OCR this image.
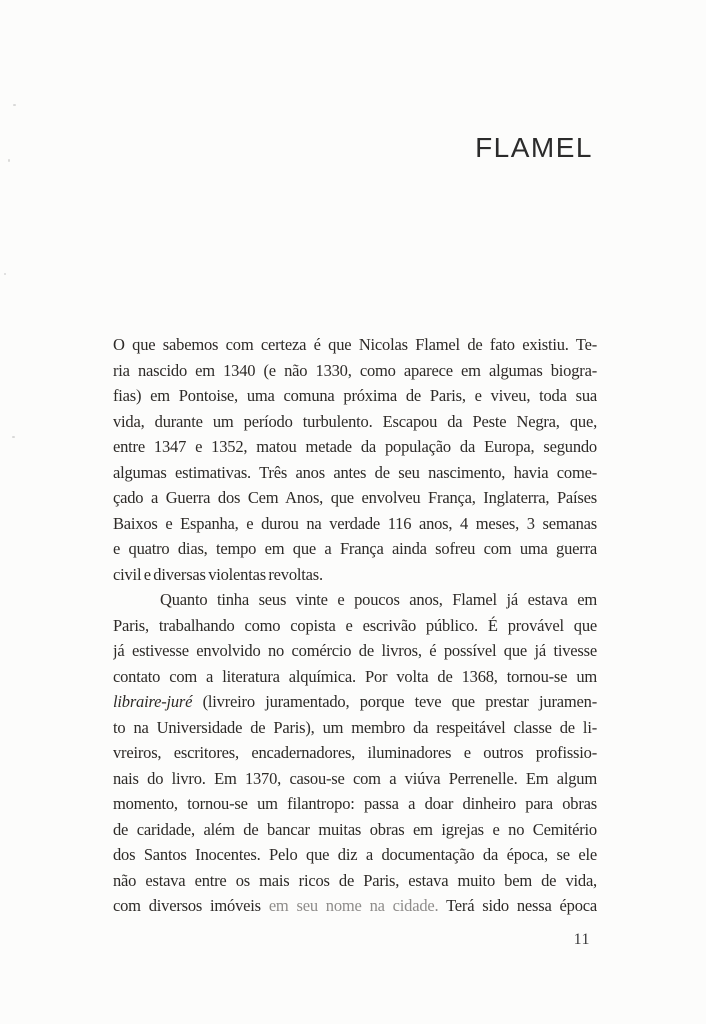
FLAMEL
O que sabemos com certeza é que Nicolas Flamel de fato existiu. Te-
ria nascido em 1340 (e não 1330, como aparece em algumas biogra-
fias) em Pontoise, uma comuna próxima de Paris, e viveu, toda sua
vida, durante um período turbulento. Escapou da Peste Negra, que,
entre 1347 e 1352, matou metade da população da Europa, segundo
algumas estimativas. Três anos antes de seu nascimento, havia come-
çado a Guerra dos Cem Anos, que envolveu França, Inglaterra, Países
Baixos e Espanha, e durou na verdade 116 anos, 4 meses, 3 semanas
e quatro dias, tempo em que a França ainda sofreu com uma guerra
civil e diversas violentas revoltas.
Quanto tinha seus vinte e poucos anos, Flamel já estava em
Paris, trabalhando como copista e escrivão público. É provável que
já estivesse envolvido no comércio de livros, é possível que já tivesse
contato com a literatura alquímica. Por volta de 1368, tornou-se um
libraire-juré (livreiro juramentado, porque teve que prestar juramen-
to na Universidade de Paris), um membro da respeitável classe de li-
vreiros, escritores, encadernadores, iluminadores e outros profissio-
nais do livro. Em 1370, casou-se com a viúva Perrenelle. Em algum
momento, tornou-se um filantropo: passa a doar dinheiro para obras
de caridade, além de bancar muitas obras em igrejas e no Cemitério
dos Santos Inocentes. Pelo que diz a documentação da época, se ele
não estava entre os mais ricos de Paris, estava muito bem de vida,
com diversos imóveis em seu nome na cidade. Terá sido nessa época
11
